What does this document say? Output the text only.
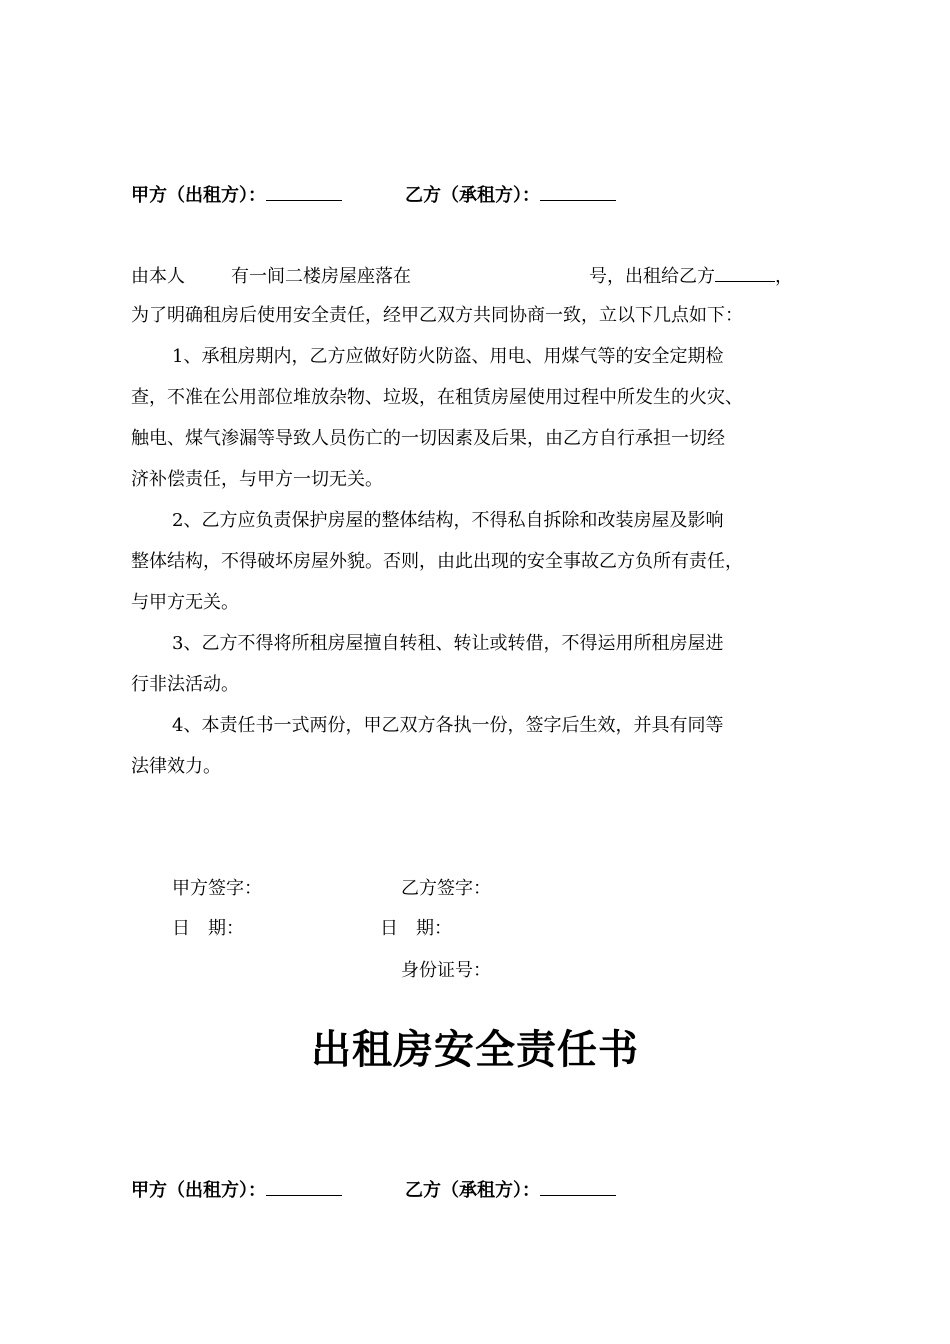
甲方（出租方）：	乙方（承租方）：
由本人	有一间二楼房屋座落在	号，出租给乙方	，
为了明确租房后使用安全责任，经甲乙双方共同协商一致，立以下几点如下：
1、承租房期内，乙方应做好防火防盗、用电、用煤气等的安全定期检
查，不准在公用部位堆放杂物、垃圾，在租赁房屋使用过程中所发生的火灾、
触电、煤气渗漏等导致人员伤亡的一切因素及后果，由乙方自行承担一切经
济补偿责任，与甲方一切无关。
2、乙方应负责保护房屋的整体结构，不得私自拆除和改装房屋及影响
整体结构，不得破坏房屋外貌。否则，由此出现的安全事故乙方负所有责任，
与甲方无关。
3、乙方不得将所租房屋擅自转租、转让或转借，不得运用所租房屋进
行非法活动。
4、本责任书一式两份，甲乙双方各执一份，签字后生效，并具有同等
法律效力。
甲方签字：	乙方签字：
日　期：	日　期：
身份证号：
出租房安全责任书
甲方（出租方）：	乙方（承租方）：
